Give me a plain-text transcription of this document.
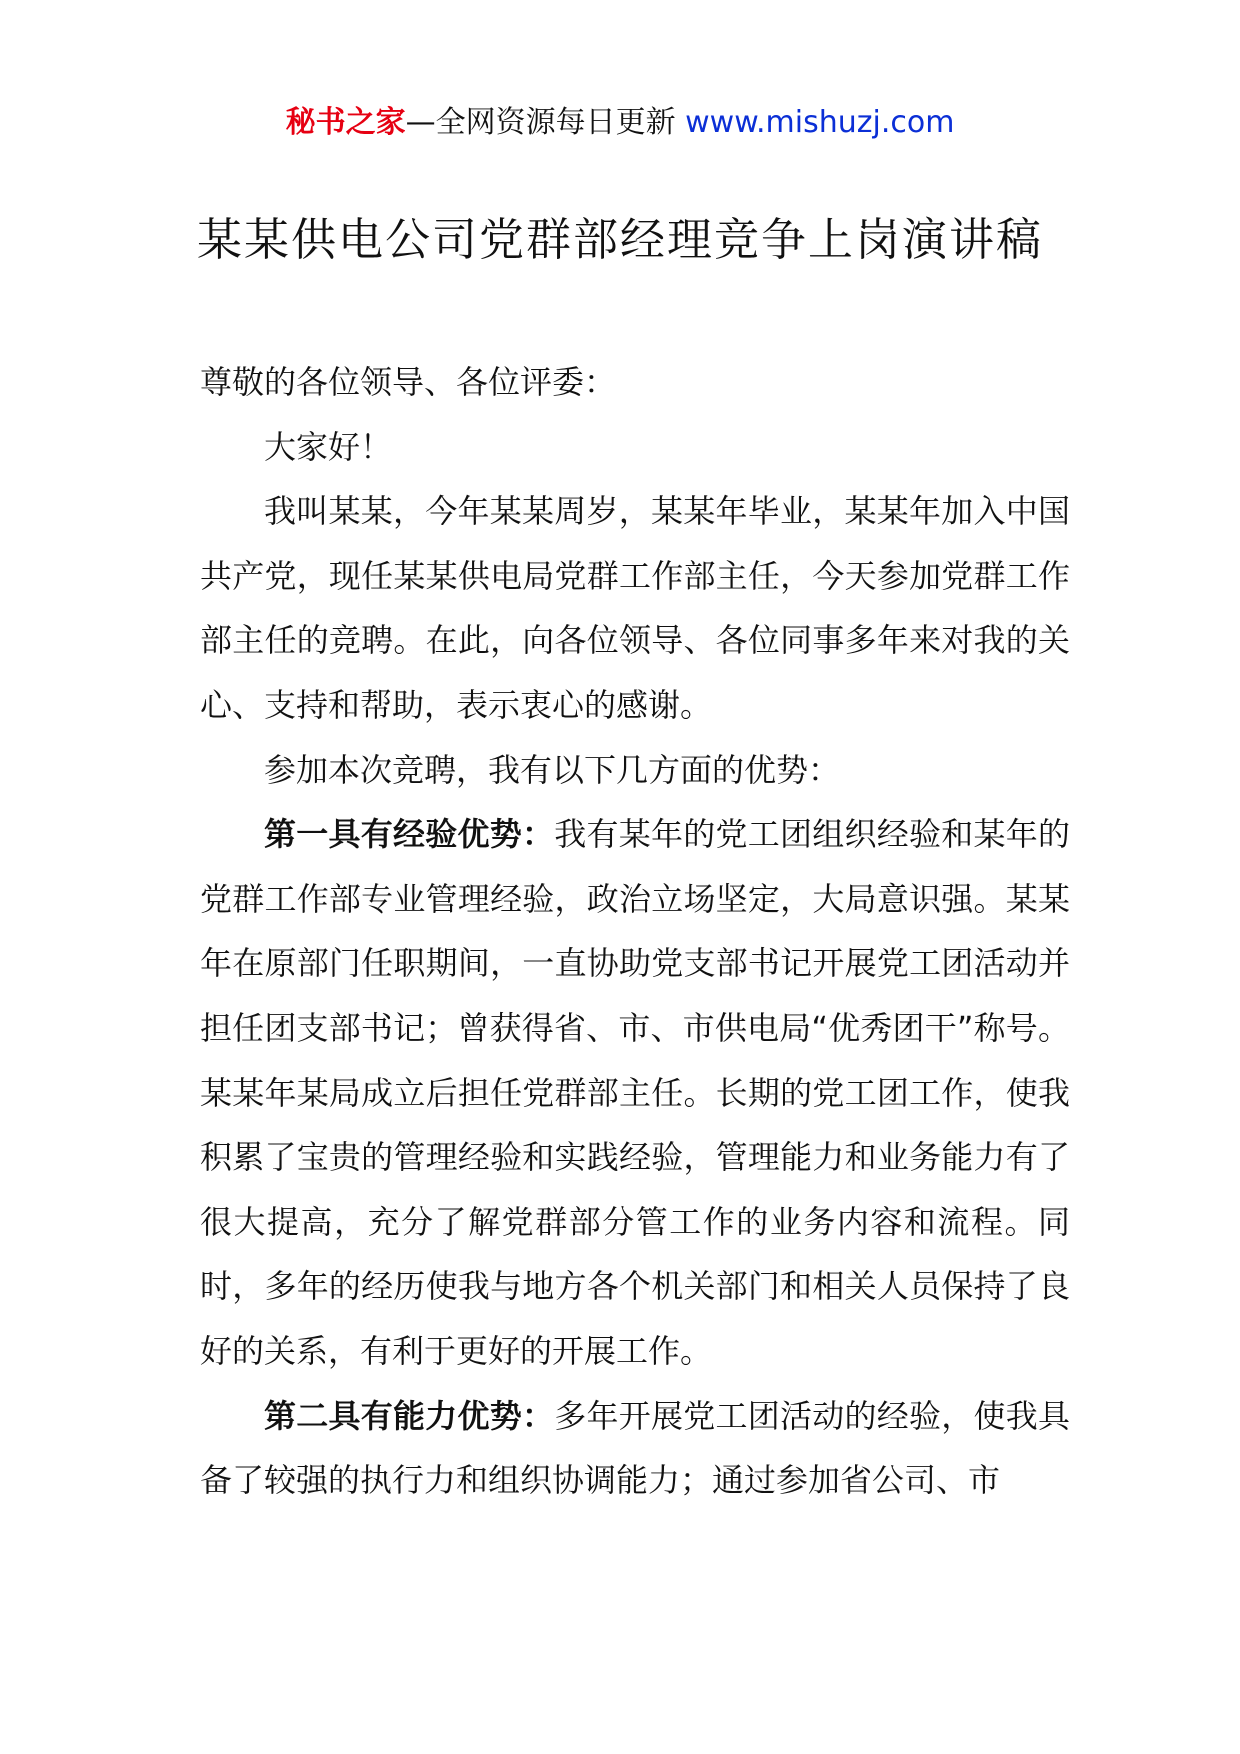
秘书之家—全网资源每日更新 www.mishuzj.com
某某供电公司党群部经理竞争上岗演讲稿

尊敬的各位领导、各位评委：

大家好！

我叫某某，今年某某周岁，某某年毕业，某某年加入中国共产党，现任某某供电局党群工作部主任，今天参加党群工作部主任的竞聘。在此，向各位领导、各位同事多年来对我的关心、支持和帮助，表示衷心的感谢。

参加本次竞聘，我有以下几方面的优势：

第一具有经验优势：我有某年的党工团组织经验和某年的党群工作部专业管理经验，政治立场坚定，大局意识强。某某年在原部门任职期间，一直协助党支部书记开展党工团活动并担任团支部书记；曾获得省、市、市供电局“优秀团干”称号。某某年某局成立后担任党群部主任。长期的党工团工作，使我积累了宝贵的管理经验和实践经验，管理能力和业务能力有了很大提高，充分了解党群部分管工作的业务内容和流程。同时，多年的经历使我与地方各个机关部门和相关人员保持了良好的关系，有利于更好的开展工作。

第二具有能力优势：多年开展党工团活动的经验，使我具备了较强的执行力和组织协调能力；通过参加省公司、市
